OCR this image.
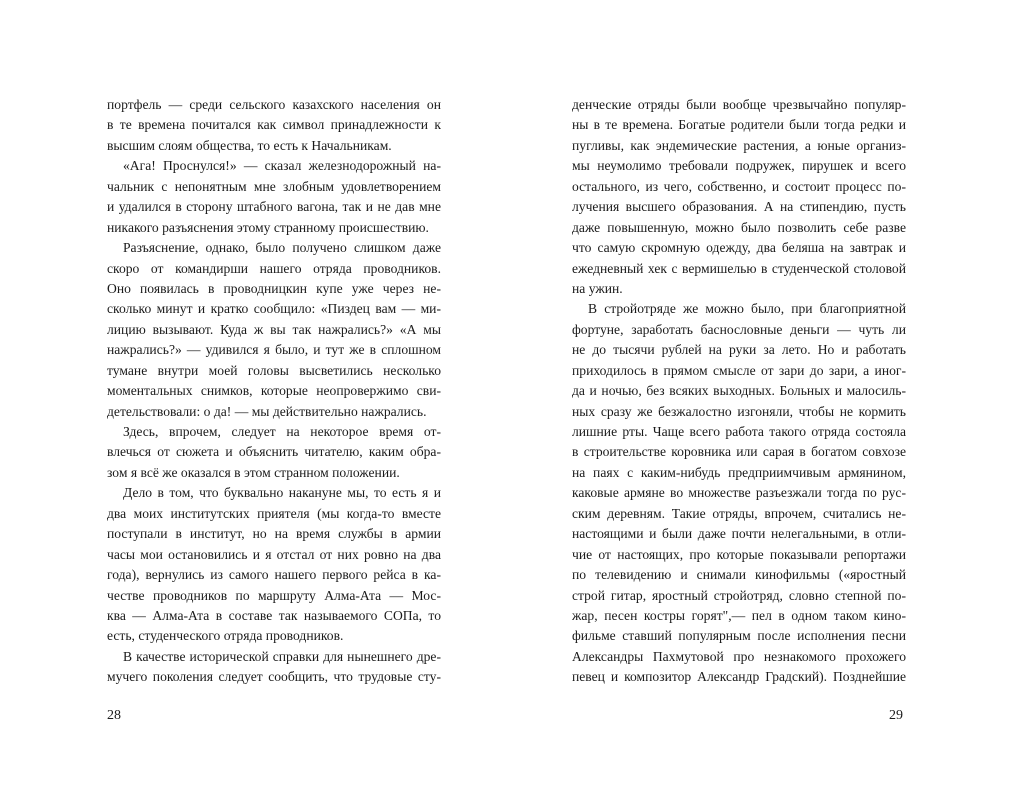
портфель — среди сельского казахского населения он
в те времена почитался как символ принадлежности к
высшим слоям общества, то есть к Начальникам.
«Ага! Проснулся!» — сказал железнодорожный на-
чальник с непонятным мне злобным удовлетворением
и удалился в сторону штабного вагона, так и не дав мне
никакого разъяснения этому странному происшествию.
Разъяснение, однако, было получено слишком даже
скоро от командирши нашего отряда проводников.
Оно появилась в проводницкин купе уже через не-
сколько минут и кратко сообщило: «Пиздец вам — ми-
лицию вызывают. Куда ж вы так нажрались?» «А мы
нажрались?» — удивился я было, и тут же в сплошном
тумане внутри моей головы высветились несколько
моментальных снимков, которые неопровержимо сви-
детельствовали: о да! — мы действительно нажрались.
Здесь, впрочем, следует на некоторое время от-
влечься от сюжета и объяснить читателю, каким обра-
зом я всё же оказался в этом странном положении.
Дело в том, что буквально накануне мы, то есть я и
два моих институтских приятеля (мы когда-то вместе
поступали в институт, но на время службы в армии
часы мои остановились и я отстал от них ровно на два
года), вернулись из самого нашего первого рейса в ка-
честве проводников по маршруту Алма-Ата — Мос-
ква — Алма-Ата в составе так называемого СОПа, то
есть, студенческого отряда проводников.
В качестве исторической справки для нынешнего дре-
мучего поколения следует сообщить, что трудовые сту-
денческие отряды были вообще чрезвычайно популяр-
ны в те времена. Богатые родители были тогда редки и
пугливы, как эндемические растения, а юные организ-
мы неумолимо требовали подружек, пирушек и всего
остального, из чего, собственно, и состоит процесс по-
лучения высшего образования. А на стипендию, пусть
даже повышенную, можно было позволить себе разве
что самую скромную одежду, два беляша на завтрак и
ежедневный хек с вермишелью в студенческой столовой
на ужин.
В стройотряде же можно было, при благоприятной
фортуне, заработать баснословные деньги — чуть ли
не до тысячи рублей на руки за лето. Но и работать
приходилось в прямом смысле от зари до зари, а иног-
да и ночью, без всяких выходных. Больных и малосиль-
ных сразу же безжалостно изгоняли, чтобы не кормить
лишние рты. Чаще всего работа такого отряда состояла
в строительстве коровника или сарая в богатом совхозе
на паях с каким-нибудь предприимчивым армянином,
каковые армяне во множестве разъезжали тогда по рус-
ским деревням. Такие отряды, впрочем, считались не-
настоящими и были даже почти нелегальными, в отли-
чие от настоящих, про которые показывали репортажи
по телевидению и снимали кинофильмы («яростный
строй гитар, яростный стройотряд, словно степной по-
жар, песен костры горят",— пел в одном таком кино-
фильме ставший популярным после исполнения песни
Александры Пахмутовой про незнакомого прохожего
певец и композитор Александр Градский). Позднейшие
28	29
